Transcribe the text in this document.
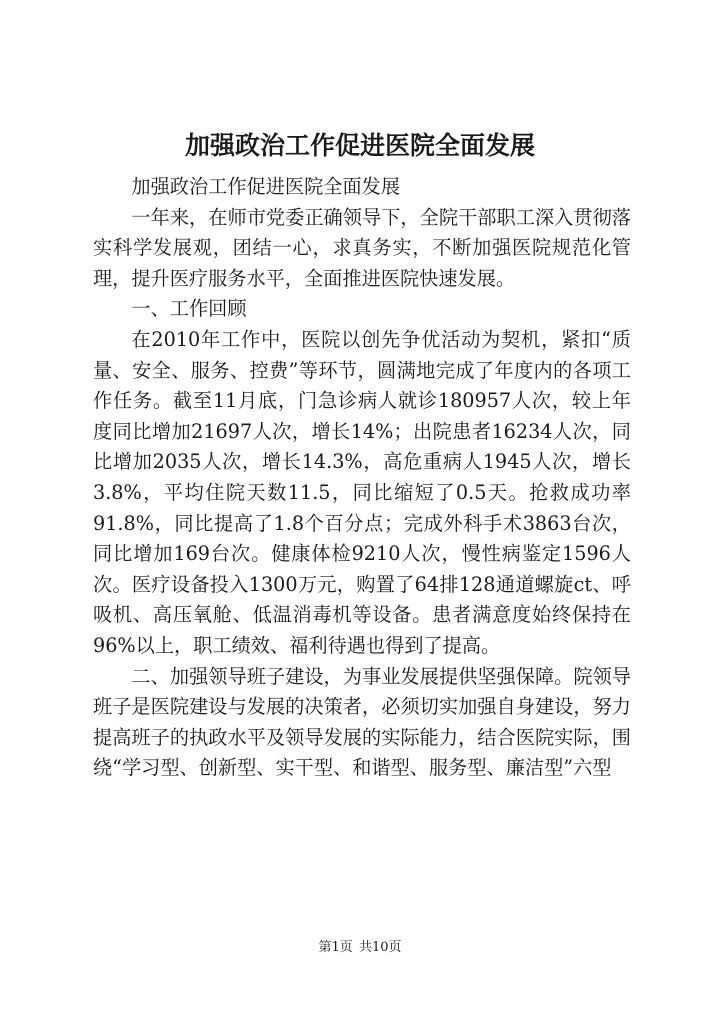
加强政治工作促进医院全面发展

加强政治工作促进医院全面发展

一年来，在师市党委正确领导下，全院干部职工深入贯彻落实科学发展观，团结一心，求真务实，不断加强医院规范化管理，提升医疗服务水平，全面推进医院快速发展。

一、工作回顾

在2010年工作中，医院以创先争优活动为契机，紧扣“质量、安全、服务、控费”等环节，圆满地完成了年度内的各项工作任务。截至11月底，门急诊病人就诊180957人次，较上年度同比增加21697人次，增长14%；出院患者16234人次，同比增加2035人次，增长14.3%，高危重病人1945人次，增长3.8%，平均住院天数11.5，同比缩短了0.5天。抢救成功率91.8%，同比提高了1.8个百分点；完成外科手术3863台次，同比增加169台次。健康体检9210人次，慢性病鉴定1596人次。医疗设备投入1300万元，购置了64排128通道螺旋ct、呼吸机、高压氧舱、低温消毒机等设备。患者满意度始终保持在96%以上，职工绩效、福利待遇也得到了提高。

二、加强领导班子建设，为事业发展提供坚强保障。院领导班子是医院建设与发展的决策者，必须切实加强自身建设，努力提高班子的执政水平及领导发展的实际能力，结合医院实际，围绕“学习型、创新型、实干型、和谐型、服务型、廉洁型”六型

第1页 共10页
